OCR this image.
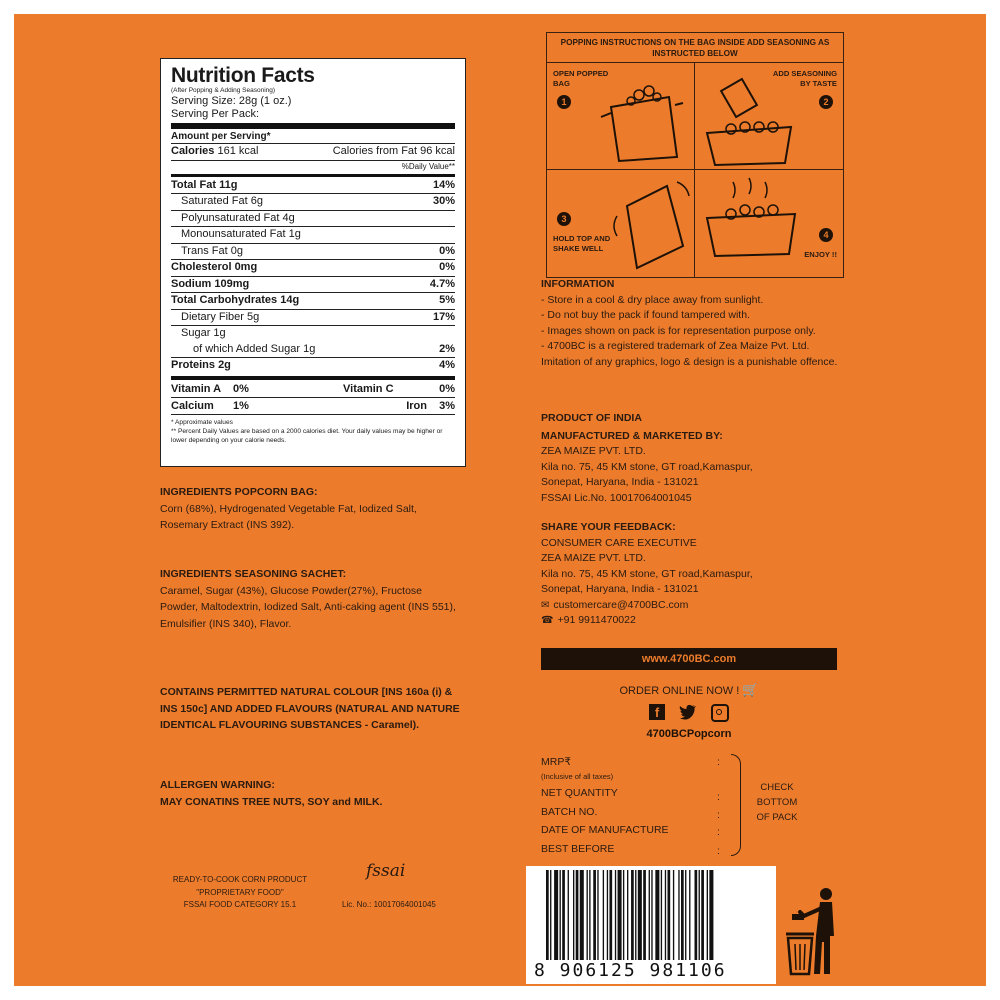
Nutrition Facts
(After Popping & Adding Seasoning)
Serving Size: 28g (1 oz.)
Serving Per Pack:
Amount per Serving*
Calories 161 kcal	Calories from Fat 96 kcal
%Daily Value**
Total Fat 11g	14%
Saturated Fat 6g	30%
Polyunsaturated Fat 4g
Monounsaturated Fat 1g
Trans Fat 0g	0%
Cholesterol 0mg	0%
Sodium 109mg	4.7%
Total Carbohydrates 14g	5%
Dietary Fiber 5g	17%
Sugar 1g
of which Added Sugar 1g	2%
Proteins 2g	4%
Vitamin A	0%	Vitamin C	0%
Calcium	1%	Iron	3%
* Approximate values
** Percent Daily Values are based on a 2000 calories diet. Your daily values may be higher or lower depending on your calorie needs.
INGREDIENTS POPCORN BAG:
Corn (68%), Hydrogenated Vegetable Fat, Iodized Salt, Rosemary Extract (INS 392).
INGREDIENTS SEASONING SACHET:
Caramel, Sugar (43%), Glucose Powder(27%), Fructose Powder, Maltodextrin, Iodized Salt, Anti-caking agent (INS 551), Emulsifier (INS 340), Flavor.
CONTAINS PERMITTED NATURAL COLOUR [INS 160a (i) & INS 150c] AND ADDED FLAVOURS (NATURAL AND NATURE IDENTICAL FLAVOURING SUBSTANCES - Caramel).
ALLERGEN WARNING:
MAY CONATINS TREE NUTS, SOY and MILK.
READY-TO-COOK CORN PRODUCT
"PROPRIETARY FOOD"
FSSAI FOOD CATEGORY 15.1
fssai
Lic. No.: 10017064001045
POPPING INSTRUCTIONS ON THE BAG INSIDE ADD SEASONING AS INSTRUCTED BELOW
OPEN POPPED BAG
1
ADD SEASONING BY TASTE
2
3
HOLD TOP AND SHAKE WELL
4
ENJOY !!
INFORMATION
- Store in a cool & dry place away from sunlight.
- Do not buy the pack if found tampered with.
- Images shown on pack is for representation purpose only.
- 4700BC is a registered trademark of Zea Maize Pvt. Ltd. Imitation of any graphics, logo & design is a punishable offence.
PRODUCT OF INDIA
MANUFACTURED & MARKETED BY:
ZEA MAIZE PVT. LTD.
Kila no. 75, 45 KM stone, GT road,Kamaspur,
Sonepat, Haryana, India - 131021
FSSAI Lic.No. 10017064001045
SHARE YOUR FEEDBACK:
CONSUMER CARE EXECUTIVE
ZEA MAIZE PVT. LTD.
Kila no. 75, 45 KM stone, GT road,Kamaspur,
Sonepat, Haryana, India - 131021
✉ customercare@4700BC.com
☎ +91 9911470022
www.4700BC.com
ORDER ONLINE NOW ! 🛒
f
4700BCPopcorn
MRP₹	:
(Inclusive of all taxes)
NET QUANTITY	:
BATCH NO.	:
DATE OF MANUFACTURE	:
BEST BEFORE	:
CHECK BOTTOM OF PACK
8 906125 981106
